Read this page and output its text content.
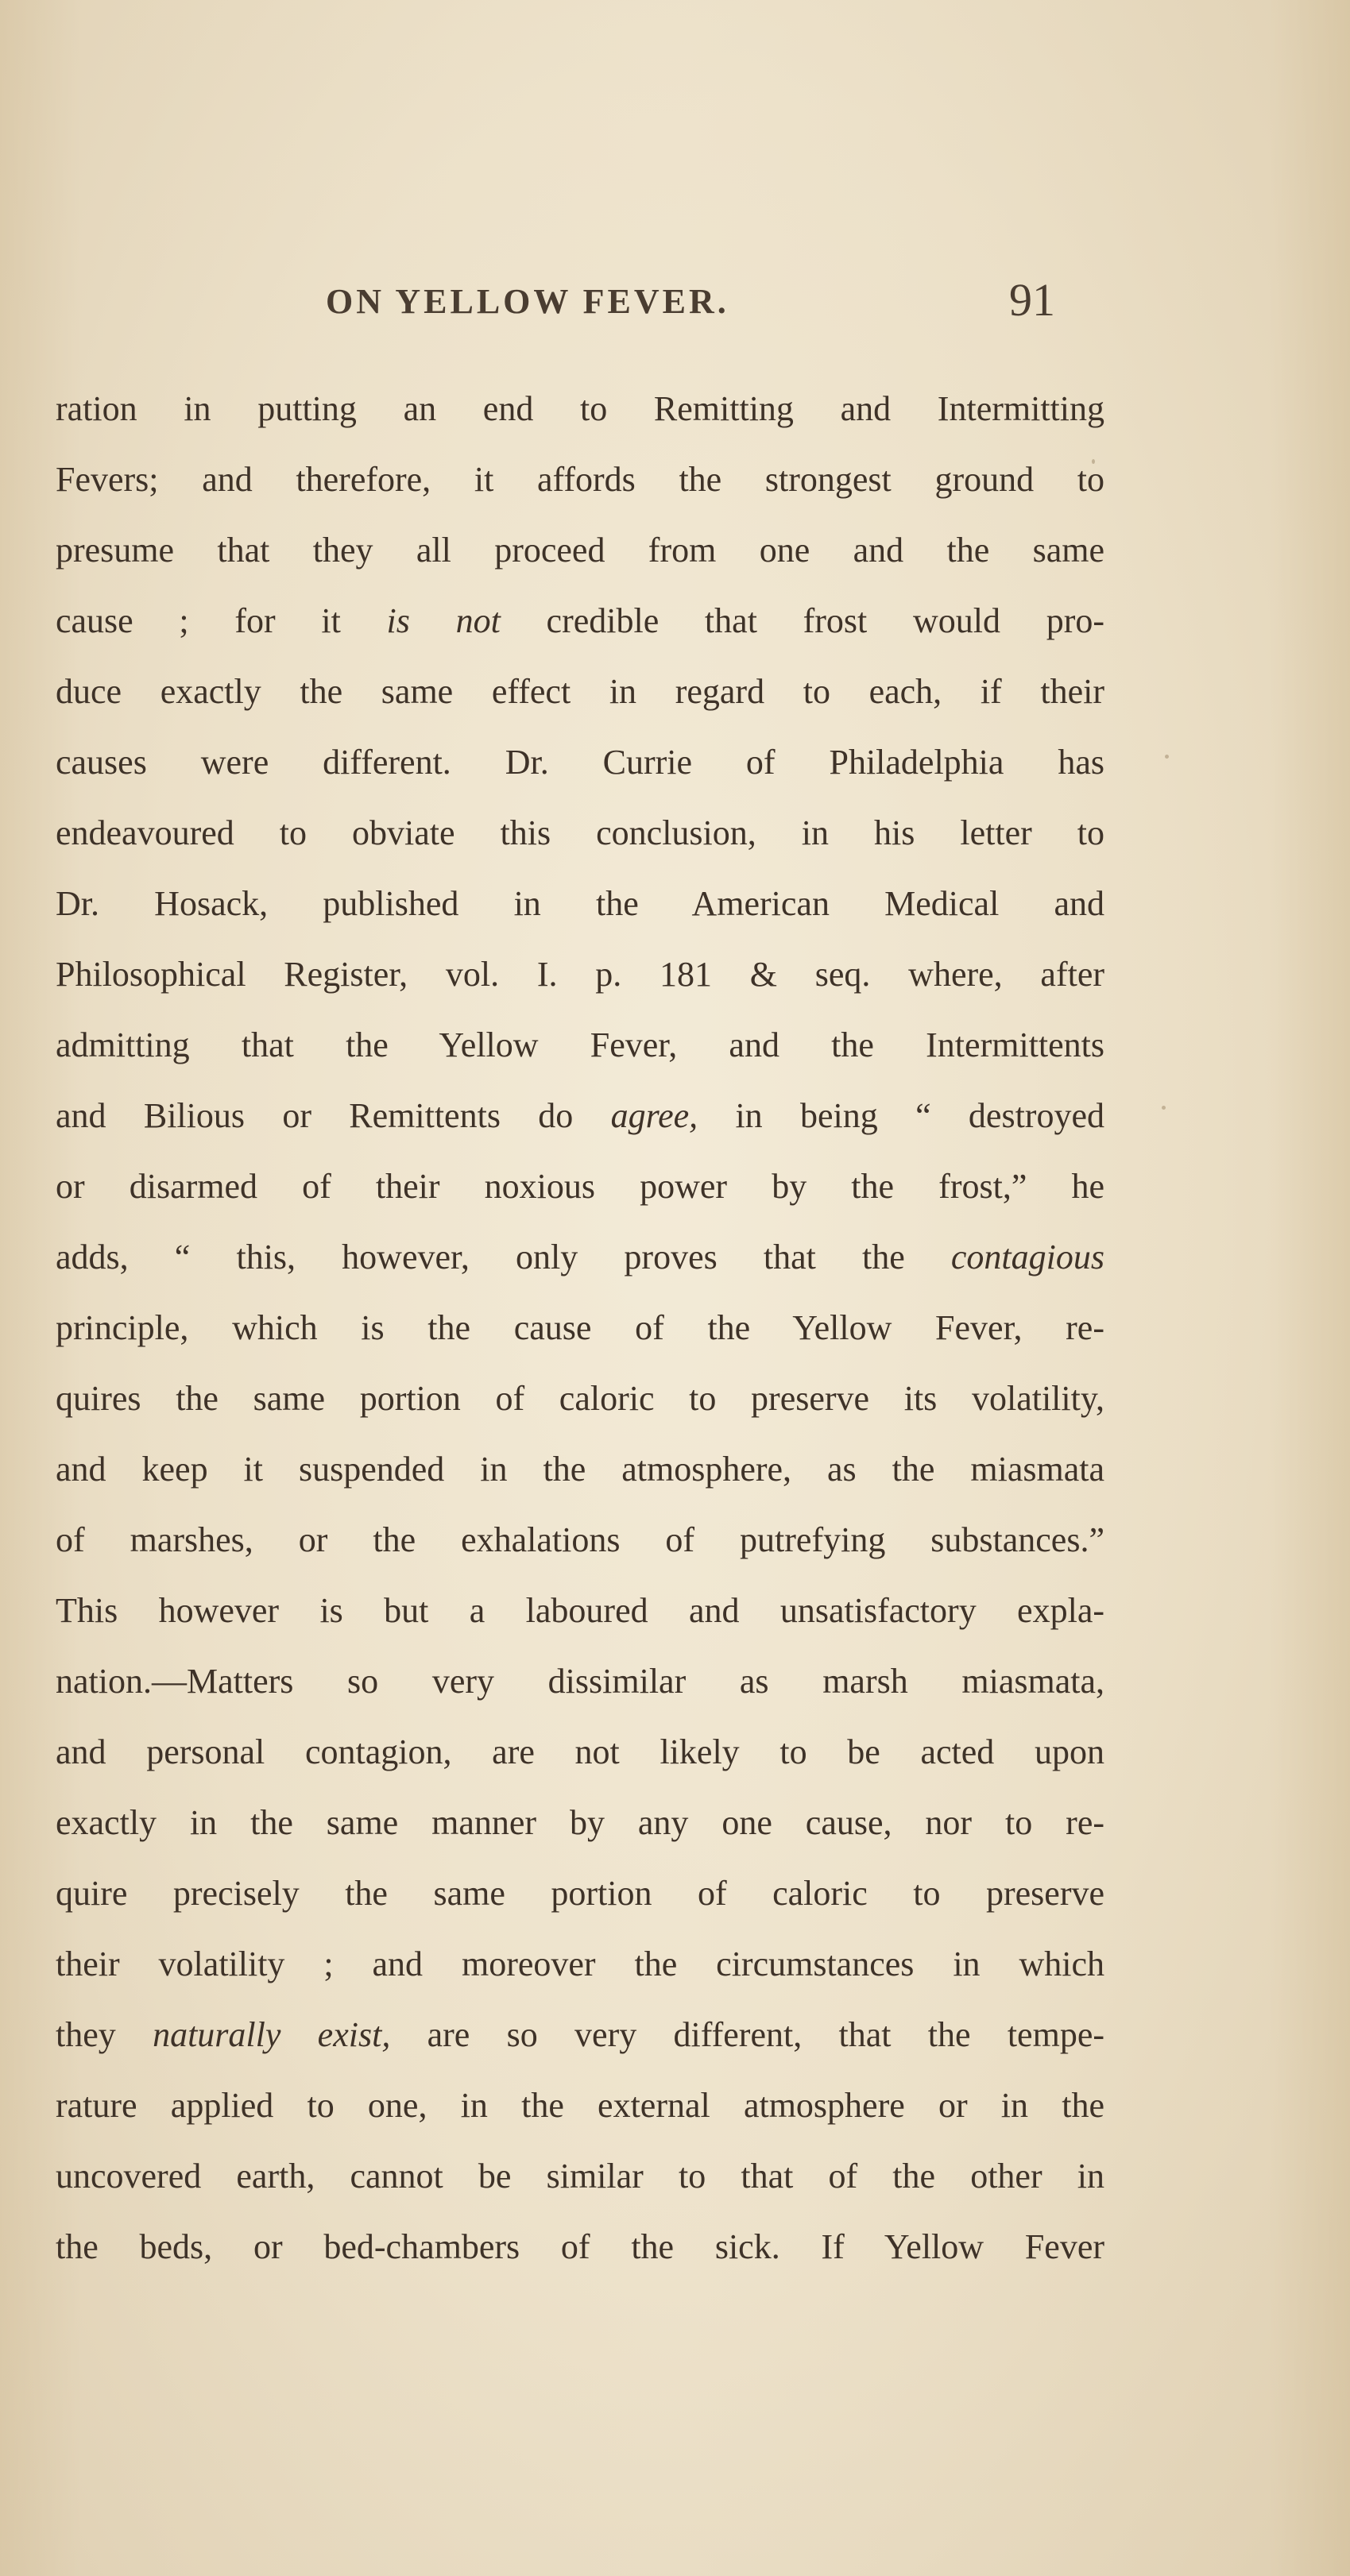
ON YELLOW FEVER.	91
ration in putting an end to Remitting and Intermitting
Fevers; and therefore, it affords the strongest ground to
presume that they all proceed from one and the same
cause ; for it is not credible that frost would pro-
duce exactly the same effect in regard to each, if their
causes were different. Dr. Currie of Philadelphia has
endeavoured to obviate this conclusion, in his letter to
Dr. Hosack, published in the American Medical and
Philosophical Register, vol. I. p. 181 & seq. where, after
admitting that the Yellow Fever, and the Intermittents
and Bilious or Remittents do agree, in being “ destroyed
or disarmed of their noxious power by the frost,” he
adds, “ this, however, only proves that the contagious
principle, which is the cause of the Yellow Fever, re-
quires the same portion of caloric to preserve its volatility,
and keep it suspended in the atmosphere, as the miasmata
of marshes, or the exhalations of putrefying substances.”
This however is but a laboured and unsatisfactory expla-
nation.—Matters so very dissimilar as marsh miasmata,
and personal contagion, are not likely to be acted upon
exactly in the same manner by any one cause, nor to re-
quire precisely the same portion of caloric to preserve
their volatility ; and moreover the circumstances in which
they naturally exist, are so very different, that the tempe-
rature applied to one, in the external atmosphere or in the
uncovered earth, cannot be similar to that of the other in
the beds, or bed-chambers of the sick. If Yellow Fever
